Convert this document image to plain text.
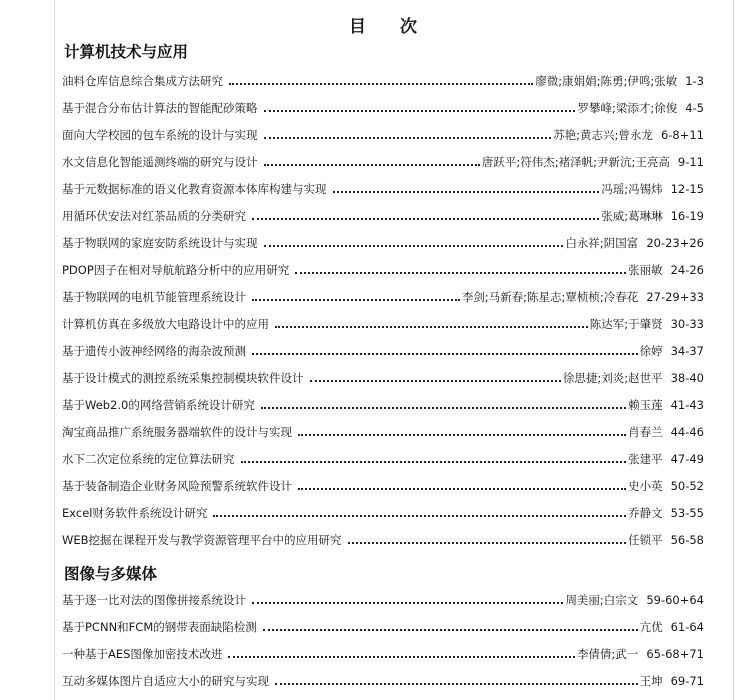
目 次
计算机技术与应用
油料仓库信息综合集成方法研究	廖微;康娟娟;陈勇;伊鸣;张敏 1-3
基于混合分布估计算法的智能配砂策略	罗攀峰;梁添才;徐俊 4-5
面向大学校园的包车系统的设计与实现	苏艳;黄志兴;曾永龙 6-8+11
水文信息化智能遥测终端的研究与设计	唐跃平;符伟杰;褚泽帆;尹新沆;王亮高 9-11
基于元数据标准的语义化教育资源本体库构建与实现	冯瑶;冯锡炜 12-15
用循环伏安法对红茶品质的分类研究	张威;葛琳琳 16-19
基于物联网的家庭安防系统设计与实现	白永祥;阴国富 20-23+26
PDOP因子在相对导航航路分析中的应用研究	张丽敏 24-26
基于物联网的电机节能管理系统设计	李剑;马新春;陈星志;覃桢桢;冷春花 27-29+33
计算机仿真在多级放大电路设计中的应用	陈达军;于肇贤 30-33
基于遗传小波神经网络的海杂波预测	徐婷 34-37
基于设计模式的测控系统采集控制模块软件设计	徐思捷;刘炎;赵世平 38-40
基于Web2.0的网络营销系统设计研究	赖玉莲 41-43
淘宝商品推广系统服务器端软件的设计与实现	肖春兰 44-46
水下二次定位系统的定位算法研究	张建平 47-49
基于装备制造企业财务风险预警系统软件设计	史小英 50-52
Excel财务软件系统设计研究	乔静文 53-55
WEB挖掘在课程开发与教学资源管理平台中的应用研究	任锁平 56-58
图像与多媒体
基于逐一比对法的图像拼接系统设计	周美丽;白宗文 59-60+64
基于PCNN和FCM的钢带表面缺陷检测	亢优 61-64
一种基于AES图像加密技术改进	李倩倩;武一 65-68+71
互动多媒体图片自适应大小的研究与实现	王坤 69-71
